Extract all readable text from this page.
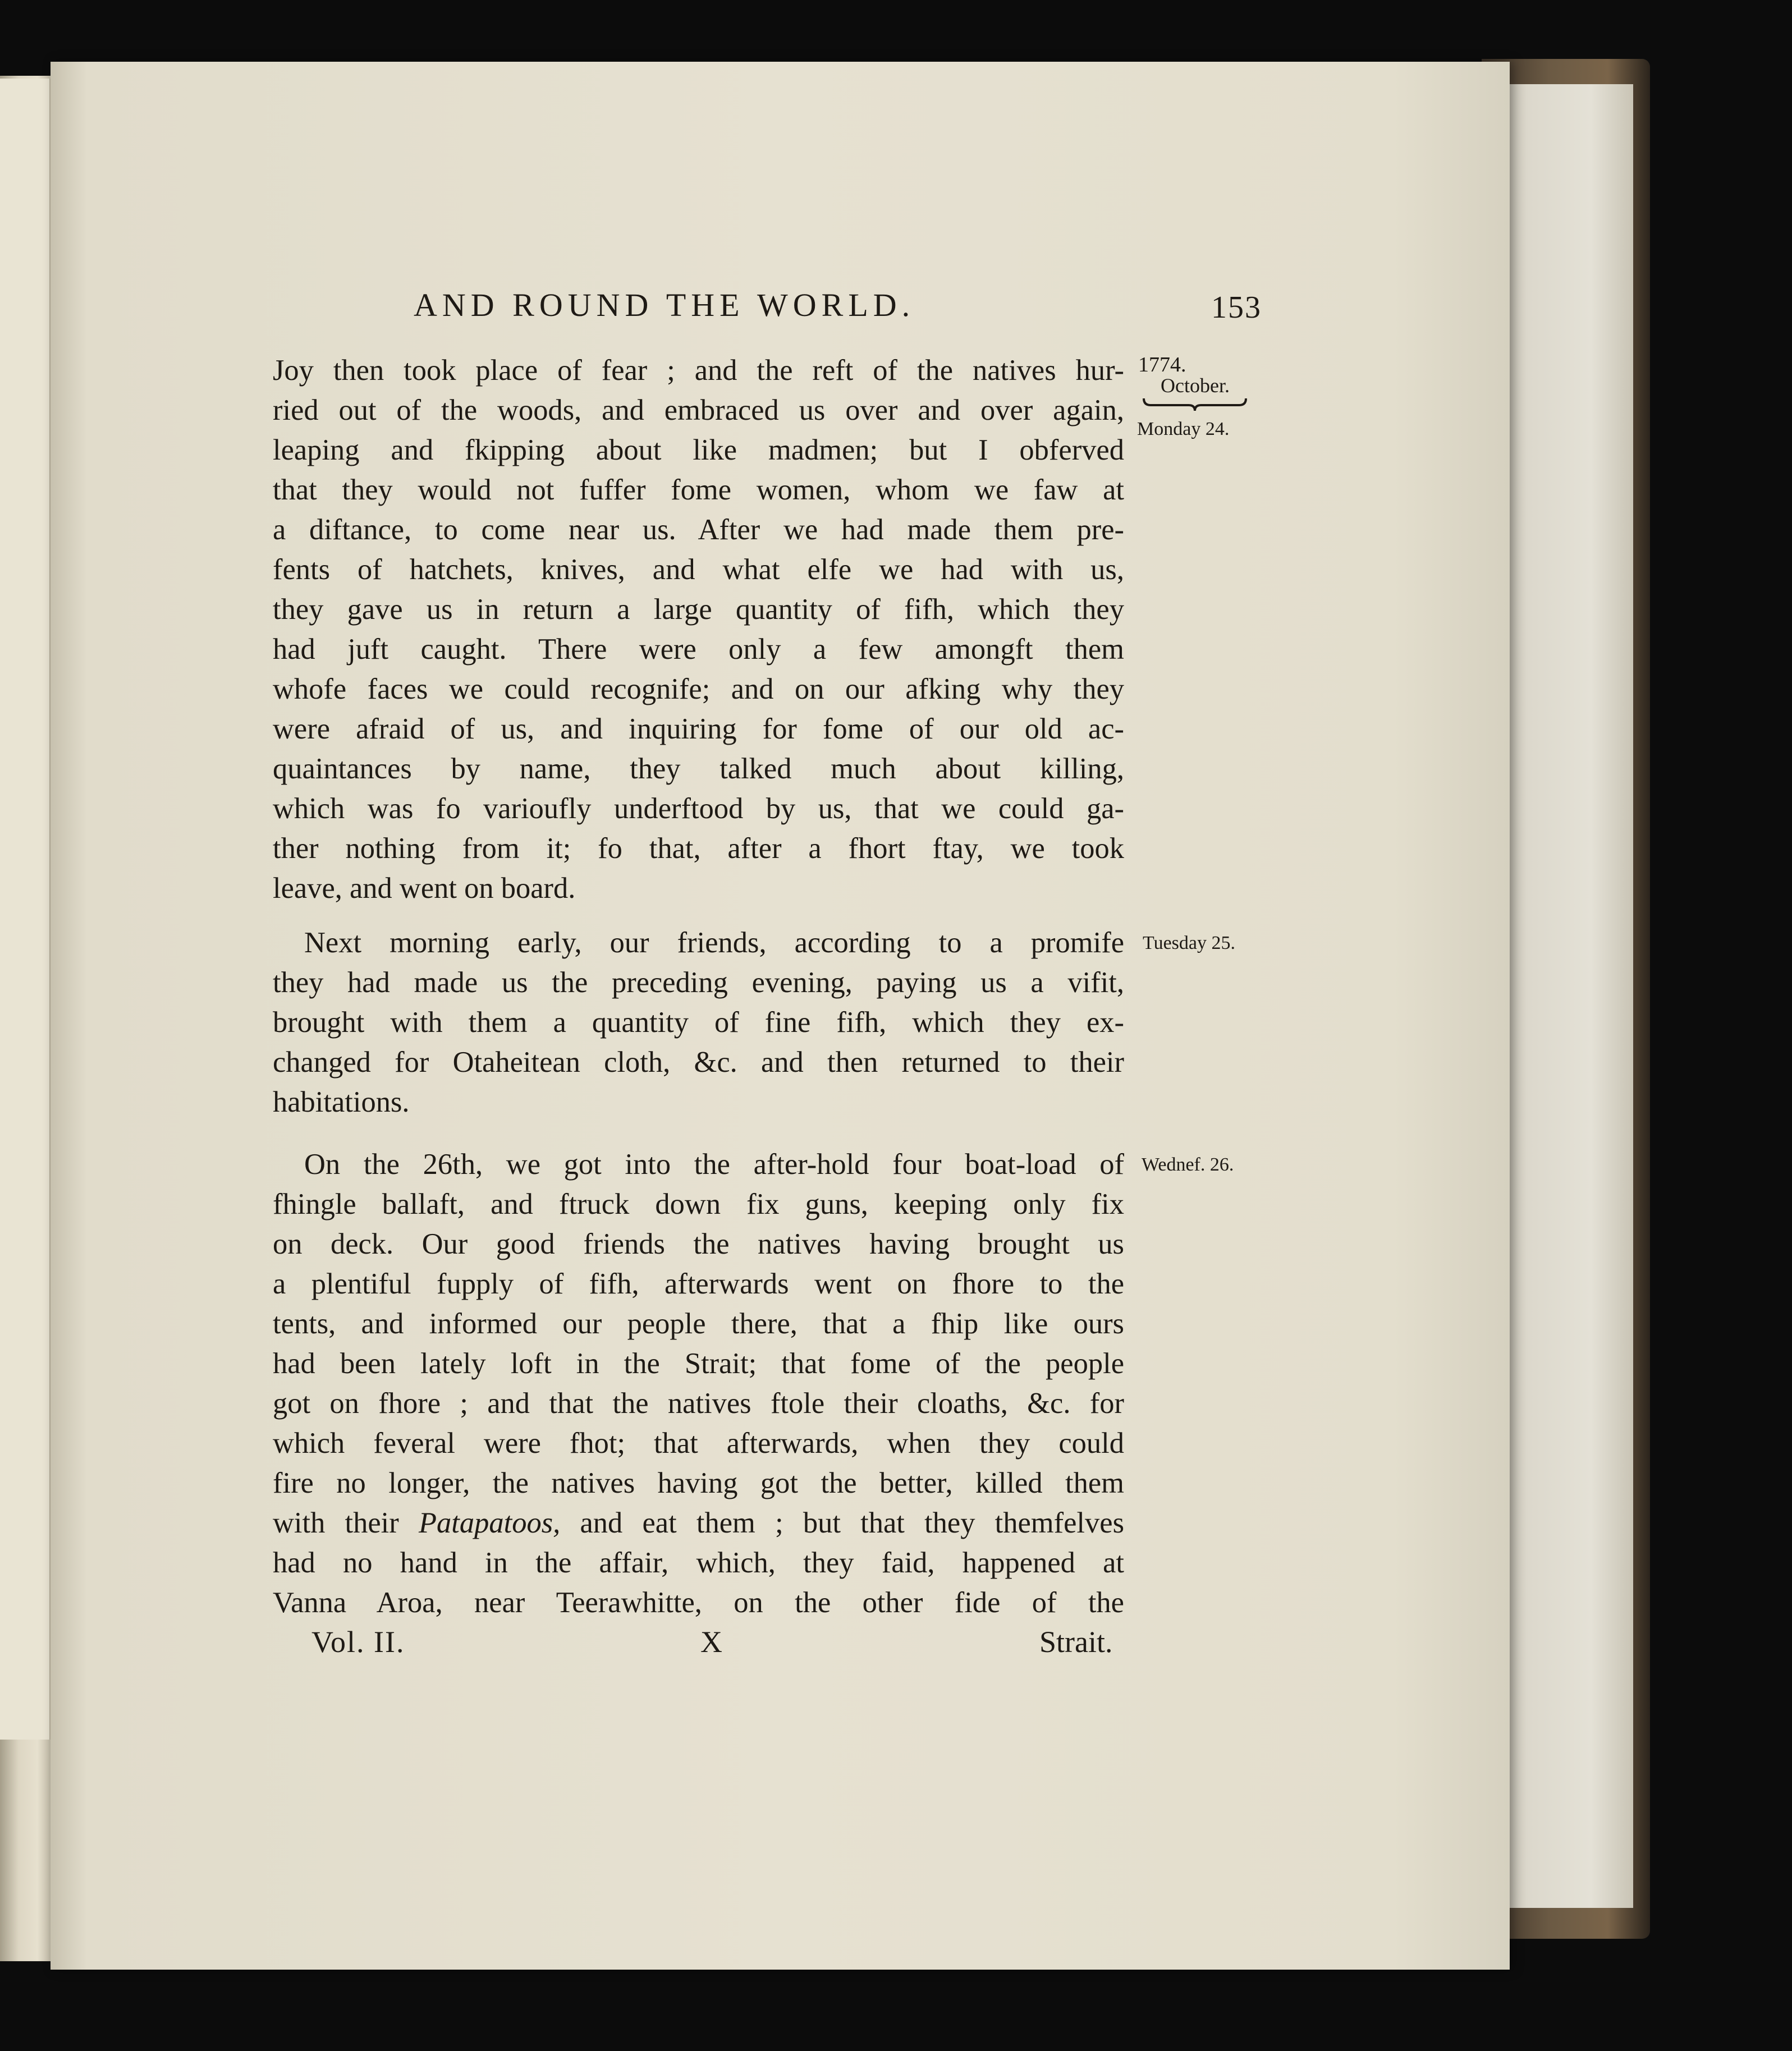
AND ROUND THE WORLD.	153
1774.
October.
Monday 24.
Tuesday 25.
Wednef. 26.
Joy then took place of fear ; and the reft of the natives hur-
ried out of the woods, and embraced us over and over again,
leaping and fkipping about like madmen; but I obferved
that they would not fuffer fome women, whom we faw at
a diftance, to come near us. After we had made them pre-
fents of hatchets, knives, and what elfe we had with us,
they gave us in return a large quantity of fifh, which they
had juft caught. There were only a few amongft them
whofe faces we could recognife; and on our afking why they
were afraid of us, and inquiring for fome of our old ac-
quaintances by name, they talked much about killing,
which was fo varioufly underftood by us, that we could ga-
ther nothing from it; fo that, after a fhort ftay, we took
leave, and went on board.
Next morning early, our friends, according to a promife
they had made us the preceding evening, paying us a vifit,
brought with them a quantity of fine fifh, which they ex-
changed for Otaheitean cloth, &c. and then returned to their
habitations.
On the 26th, we got into the after-hold four boat-load of
fhingle ballaft, and ftruck down fix guns, keeping only fix
on deck. Our good friends the natives having brought us
a plentiful fupply of fifh, afterwards went on fhore to the
tents, and informed our people there, that a fhip like ours
had been lately loft in the Strait; that fome of the people
got on fhore ; and that the natives ftole their cloaths, &c. for
which feveral were fhot; that afterwards, when they could
fire no longer, the natives having got the better, killed them
with their Patapatoos, and eat them ; but that they themfelves
had no hand in the affair, which, they faid, happened at
Vanna Aroa, near Teerawhitte, on the other fide of the
Vol. II.	X	Strait.
